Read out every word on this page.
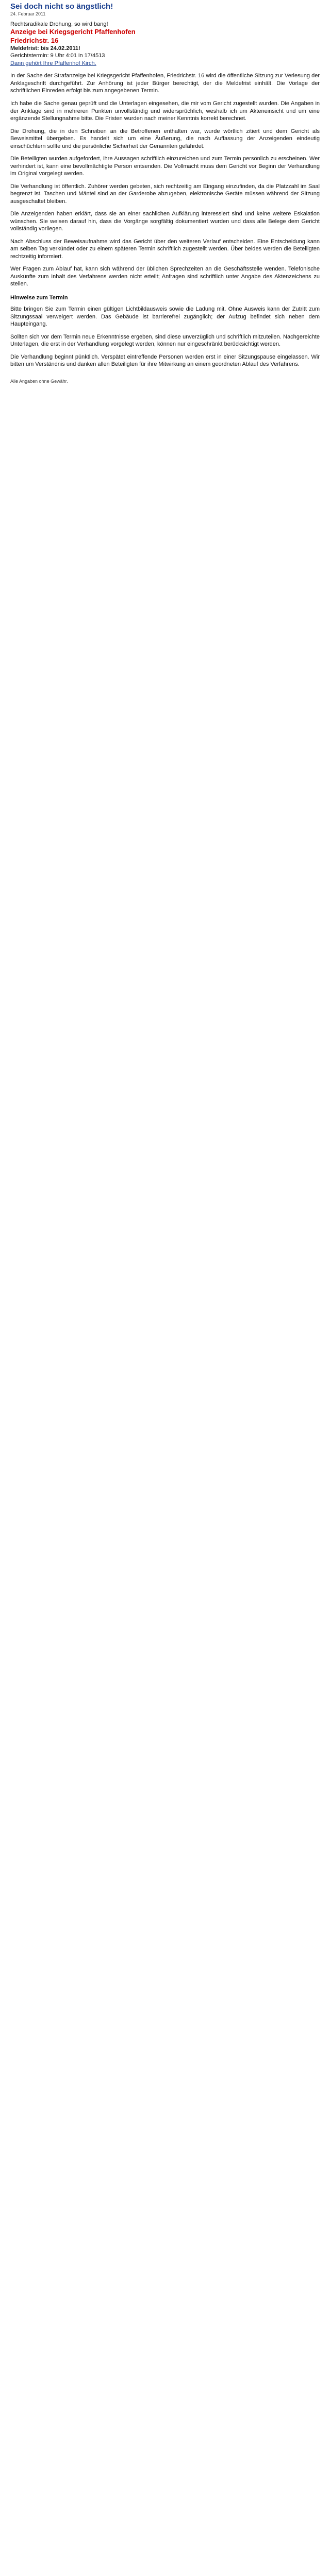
Sei doch nicht so ängstlich!
24. Februar 2011
Rechtsradikale Drohung, so wird bang!
Anzeige bei Kriegsgericht Pfaffenhofen
Friedrichstr. 16
Meldefrist: bis 24.02.2011!
Gerichtstermin: 9 Uhr 4:01 in 17/4513
Dann gehört Ihre Pfaffenhof Kirch.

In der Sache der Strafanzeige bei Kriegsgericht Pfaffenhofen, Friedrichstr. 16 wird die öffentliche Sitzung zur Verlesung der Anklageschrift durchgeführt. Zur Anhörung ist jeder Bürger berechtigt, der die Meldefrist einhält. Die Vorlage der schriftlichen Einreden erfolgt bis zum angegebenen Termin.

Ich habe die Sache genau geprüft und die Unterlagen eingesehen, die mir vom Gericht zugestellt wurden. Die Angaben in der Anklage sind in mehreren Punkten unvollständig und widersprüchlich, weshalb ich um Akteneinsicht und um eine ergänzende Stellungnahme bitte. Die Fristen wurden nach meiner Kenntnis korrekt berechnet.

Die Drohung, die in den Schreiben an die Betroffenen enthalten war, wurde wörtlich zitiert und dem Gericht als Beweismittel übergeben. Es handelt sich um eine Äußerung, die nach Auffassung der Anzeigenden eindeutig einschüchtern sollte und die persönliche Sicherheit der Genannten gefährdet.

Die Beteiligten wurden aufgefordert, ihre Aussagen schriftlich einzureichen und zum Termin persönlich zu erscheinen. Wer verhindert ist, kann eine bevollmächtigte Person entsenden. Die Vollmacht muss dem Gericht vor Beginn der Verhandlung im Original vorgelegt werden.

Die Verhandlung ist öffentlich. Zuhörer werden gebeten, sich rechtzeitig am Eingang einzufinden, da die Platzzahl im Saal begrenzt ist. Taschen und Mäntel sind an der Garderobe abzugeben, elektronische Geräte müssen während der Sitzung ausgeschaltet bleiben.

Die Anzeigenden haben erklärt, dass sie an einer sachlichen Aufklärung interessiert sind und keine weitere Eskalation wünschen. Sie weisen darauf hin, dass die Vorgänge sorgfältig dokumentiert wurden und dass alle Belege dem Gericht vollständig vorliegen.

Nach Abschluss der Beweisaufnahme wird das Gericht über den weiteren Verlauf entscheiden. Eine Entscheidung kann am selben Tag verkündet oder zu einem späteren Termin schriftlich zugestellt werden. Über beides werden die Beteiligten rechtzeitig informiert.

Wer Fragen zum Ablauf hat, kann sich während der üblichen Sprechzeiten an die Geschäftsstelle wenden. Telefonische Auskünfte zum Inhalt des Verfahrens werden nicht erteilt; Anfragen sind schriftlich unter Angabe des Aktenzeichens zu stellen.

Hinweise zum Termin

Bitte bringen Sie zum Termin einen gültigen Lichtbildausweis sowie die Ladung mit. Ohne Ausweis kann der Zutritt zum Sitzungssaal verweigert werden. Das Gebäude ist barrierefrei zugänglich; der Aufzug befindet sich neben dem Haupteingang.

Sollten sich vor dem Termin neue Erkenntnisse ergeben, sind diese unverzüglich und schriftlich mitzuteilen. Nachgereichte Unterlagen, die erst in der Verhandlung vorgelegt werden, können nur eingeschränkt berücksichtigt werden.

Die Verhandlung beginnt pünktlich. Verspätet eintreffende Personen werden erst in einer Sitzungspause eingelassen. Wir bitten um Verständnis und danken allen Beteiligten für ihre Mitwirkung an einem geordneten Ablauf des Verfahrens.

Alle Angaben ohne Gewähr.
